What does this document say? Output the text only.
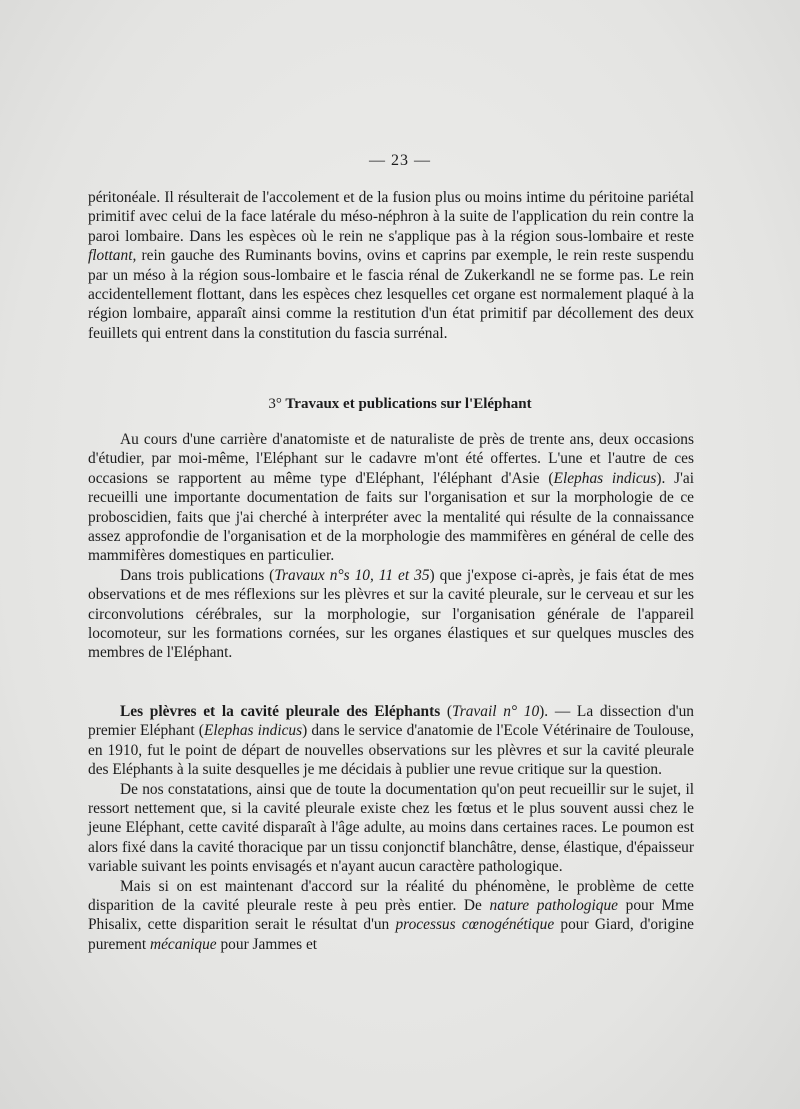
— 23 —

péritonéale. Il résulterait de l'accolement et de la fusion plus ou moins intime du péritoine pariétal primitif avec celui de la face latérale du méso-néphron à la suite de l'application du rein contre la paroi lombaire. Dans les espèces où le rein ne s'applique pas à la région sous-lombaire et reste flottant, rein gauche des Ruminants bovins, ovins et caprins par exemple, le rein reste suspendu par un méso à la région sous-lombaire et le fascia rénal de Zukerkandl ne se forme pas. Le rein accidentellement flottant, dans les espèces chez lesquelles cet organe est normalement plaqué à la région lombaire, apparaît ainsi comme la restitution d'un état primitif par décollement des deux feuillets qui entrent dans la constitution du fascia surrénal.

3° Travaux et publications sur l'Eléphant

Au cours d'une carrière d'anatomiste et de naturaliste de près de trente ans, deux occasions d'étudier, par moi-même, l'Eléphant sur le cadavre m'ont été offertes. L'une et l'autre de ces occasions se rapportent au même type d'Eléphant, l'éléphant d'Asie (Elephas indicus). J'ai recueilli une importante documentation de faits sur l'organisation et sur la morphologie de ce proboscidien, faits que j'ai cherché à interpréter avec la mentalité qui résulte de la connaissance assez approfondie de l'organisation et de la morphologie des mammifères en général de celle des mammifères domestiques en particulier.

Dans trois publications (Travaux n°s 10, 11 et 35) que j'expose ci-après, je fais état de mes observations et de mes réflexions sur les plèvres et sur la cavité pleurale, sur le cerveau et sur les circonvolutions cérébrales, sur la morphologie, sur l'organisation générale de l'appareil locomoteur, sur les formations cornées, sur les organes élastiques et sur quelques muscles des membres de l'Eléphant.

Les plèvres et la cavité pleurale des Eléphants (Travail n° 10). — La dissection d'un premier Eléphant (Elephas indicus) dans le service d'anatomie de l'Ecole Vétérinaire de Toulouse, en 1910, fut le point de départ de nouvelles observations sur les plèvres et sur la cavité pleurale des Eléphants à la suite desquelles je me décidais à publier une revue critique sur la question.

De nos constatations, ainsi que de toute la documentation qu'on peut recueillir sur le sujet, il ressort nettement que, si la cavité pleurale existe chez les fœtus et le plus souvent aussi chez le jeune Eléphant, cette cavité disparaît à l'âge adulte, au moins dans certaines races. Le poumon est alors fixé dans la cavité thoracique par un tissu conjonctif blanchâtre, dense, élastique, d'épaisseur variable suivant les points envisagés et n'ayant aucun caractère pathologique.

Mais si on est maintenant d'accord sur la réalité du phénomène, le problème de cette disparition de la cavité pleurale reste à peu près entier. De nature pathologique pour Mme Phisalix, cette disparition serait le résultat d'un processus cœnogénétique pour Giard, d'origine purement mécanique pour Jammes et
